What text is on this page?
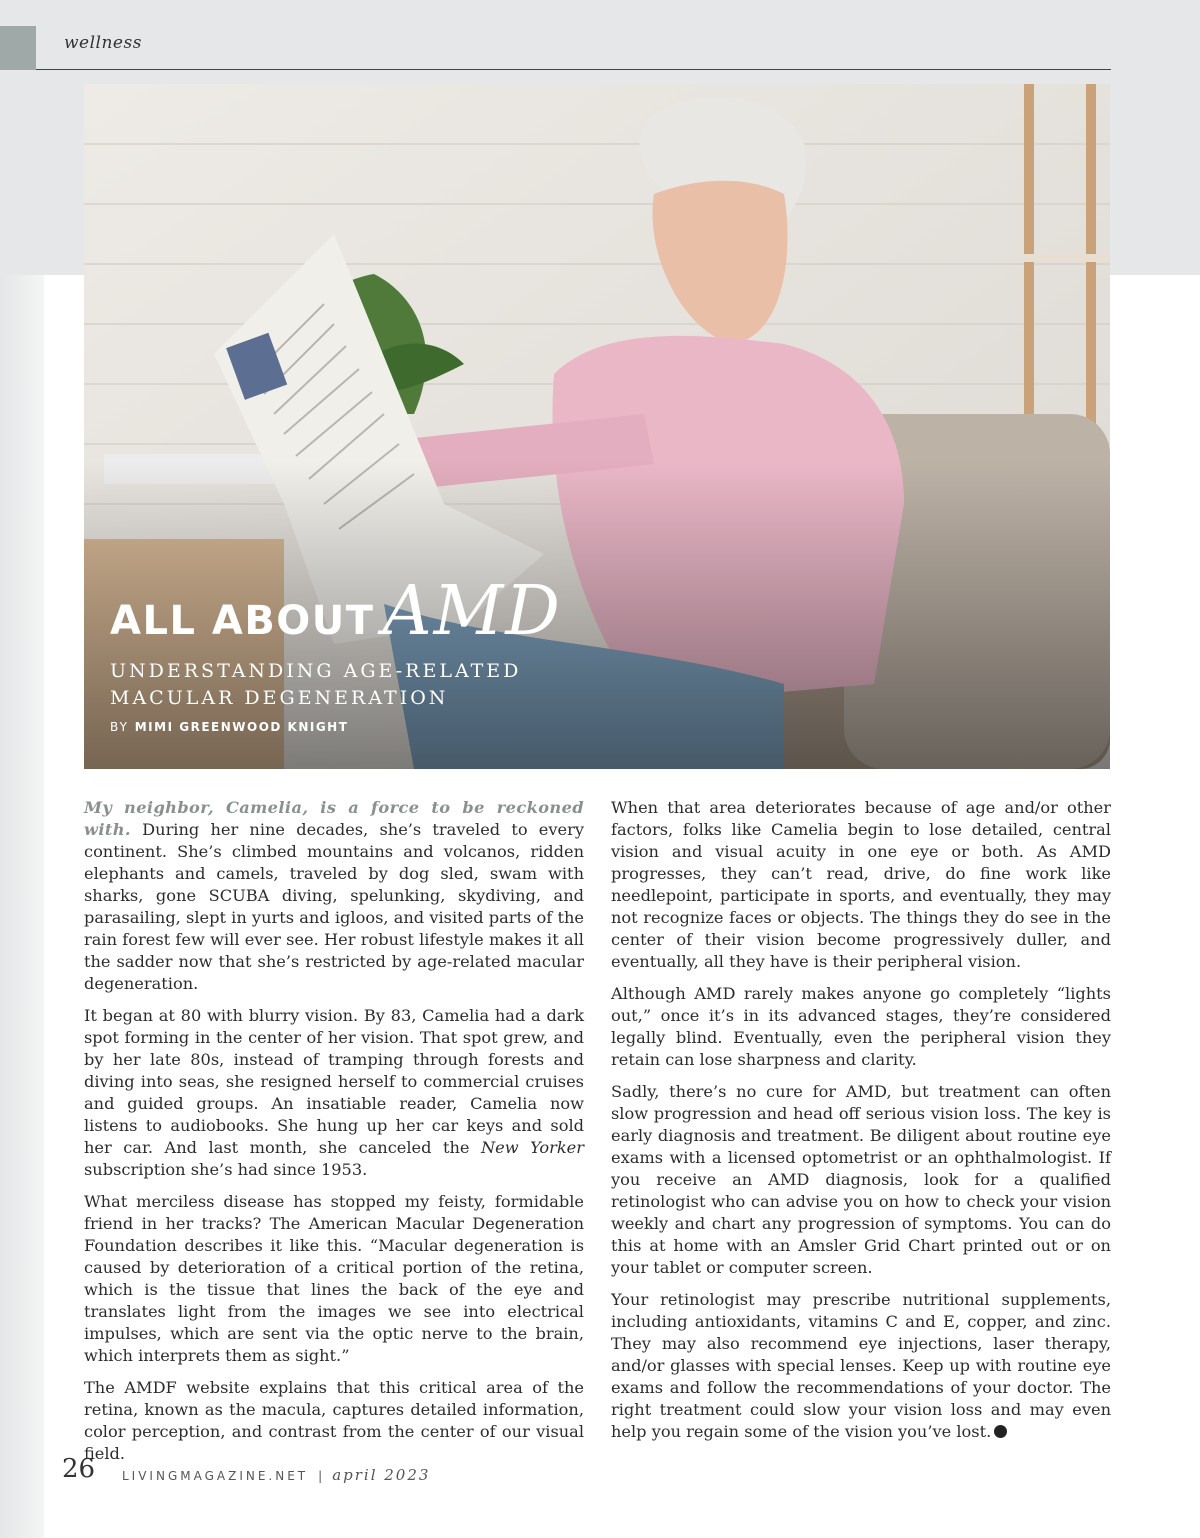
wellness
ALL ABOUT AMD
UNDERSTANDING AGE-RELATED MACULAR DEGENERATION
BY MIMI GREENWOOD KNIGHT

My neighbor, Camelia, is a force to be reckoned with. During her nine decades, she’s traveled to every continent. She’s climbed mountains and volcanos, ridden elephants and camels, traveled by dog sled, swam with sharks, gone SCUBA diving, spelunking, skydiving, and parasailing, slept in yurts and igloos, and visited parts of the rain forest few will ever see. Her robust lifestyle makes it all the sadder now that she’s restricted by age-related macular degeneration.

It began at 80 with blurry vision. By 83, Camelia had a dark spot forming in the center of her vision. That spot grew, and by her late 80s, instead of tramping through forests and diving into seas, she resigned herself to commercial cruises and guided groups. An insatiable reader, Camelia now listens to audiobooks. She hung up her car keys and sold her car. And last month, she canceled the New Yorker subscription she’s had since 1953.

What merciless disease has stopped my feisty, formidable friend in her tracks? The American Macular Degeneration Foundation describes it like this. “Macular degeneration is caused by deterioration of a critical portion of the retina, which is the tissue that lines the back of the eye and translates light from the images we see into electrical impulses, which are sent via the optic nerve to the brain, which interprets them as sight.”

The AMDF website explains that this critical area of the retina, known as the macula, captures detailed information, color perception, and contrast from the center of our visual field.

When that area deteriorates because of age and/or other factors, folks like Camelia begin to lose detailed, central vision and visual acuity in one eye or both. As AMD progresses, they can’t read, drive, do fine work like needlepoint, participate in sports, and eventually, they may not recognize faces or objects. The things they do see in the center of their vision become progressively duller, and eventually, all they have is their peripheral vision.

Although AMD rarely makes anyone go completely “lights out,” once it’s in its advanced stages, they’re considered legally blind. Eventually, even the peripheral vision they retain can lose sharpness and clarity.

Sadly, there’s no cure for AMD, but treatment can often slow progression and head off serious vision loss. The key is early diagnosis and treatment. Be diligent about routine eye exams with a licensed optometrist or an ophthalmologist. If you receive an AMD diagnosis, look for a qualified retinologist who can advise you on how to check your vision weekly and chart any progression of symptoms. You can do this at home with an Amsler Grid Chart printed out or on your tablet or computer screen.

Your retinologist may prescribe nutritional supplements, including antioxidants, vitamins C and E, copper, and zinc. They may also recommend eye injections, laser therapy, and/or glasses with special lenses. Keep up with routine eye exams and follow the recommendations of your doctor. The right treatment could slow your vision loss and may even help you regain some of the vision you’ve lost.

26 LIVINGMAGAZINE.NET | april 2023
